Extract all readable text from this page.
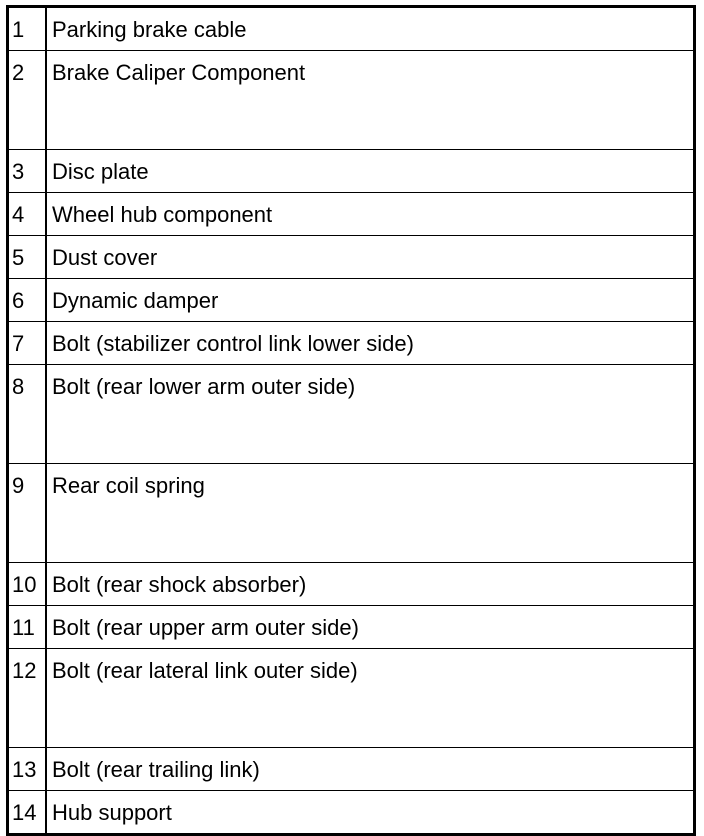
1	Parking brake cable

2	Brake Caliper Component

3	Disc plate

4	Wheel hub component

5	Dust cover

6	Dynamic damper

7	Bolt (stabilizer control link lower side)

8	Bolt (rear lower arm outer side)

9	Rear coil spring

10	Bolt (rear shock absorber)

11	Bolt (rear upper arm outer side)

12	Bolt (rear lateral link outer side)

13	Bolt (rear trailing link)

14	Hub support
